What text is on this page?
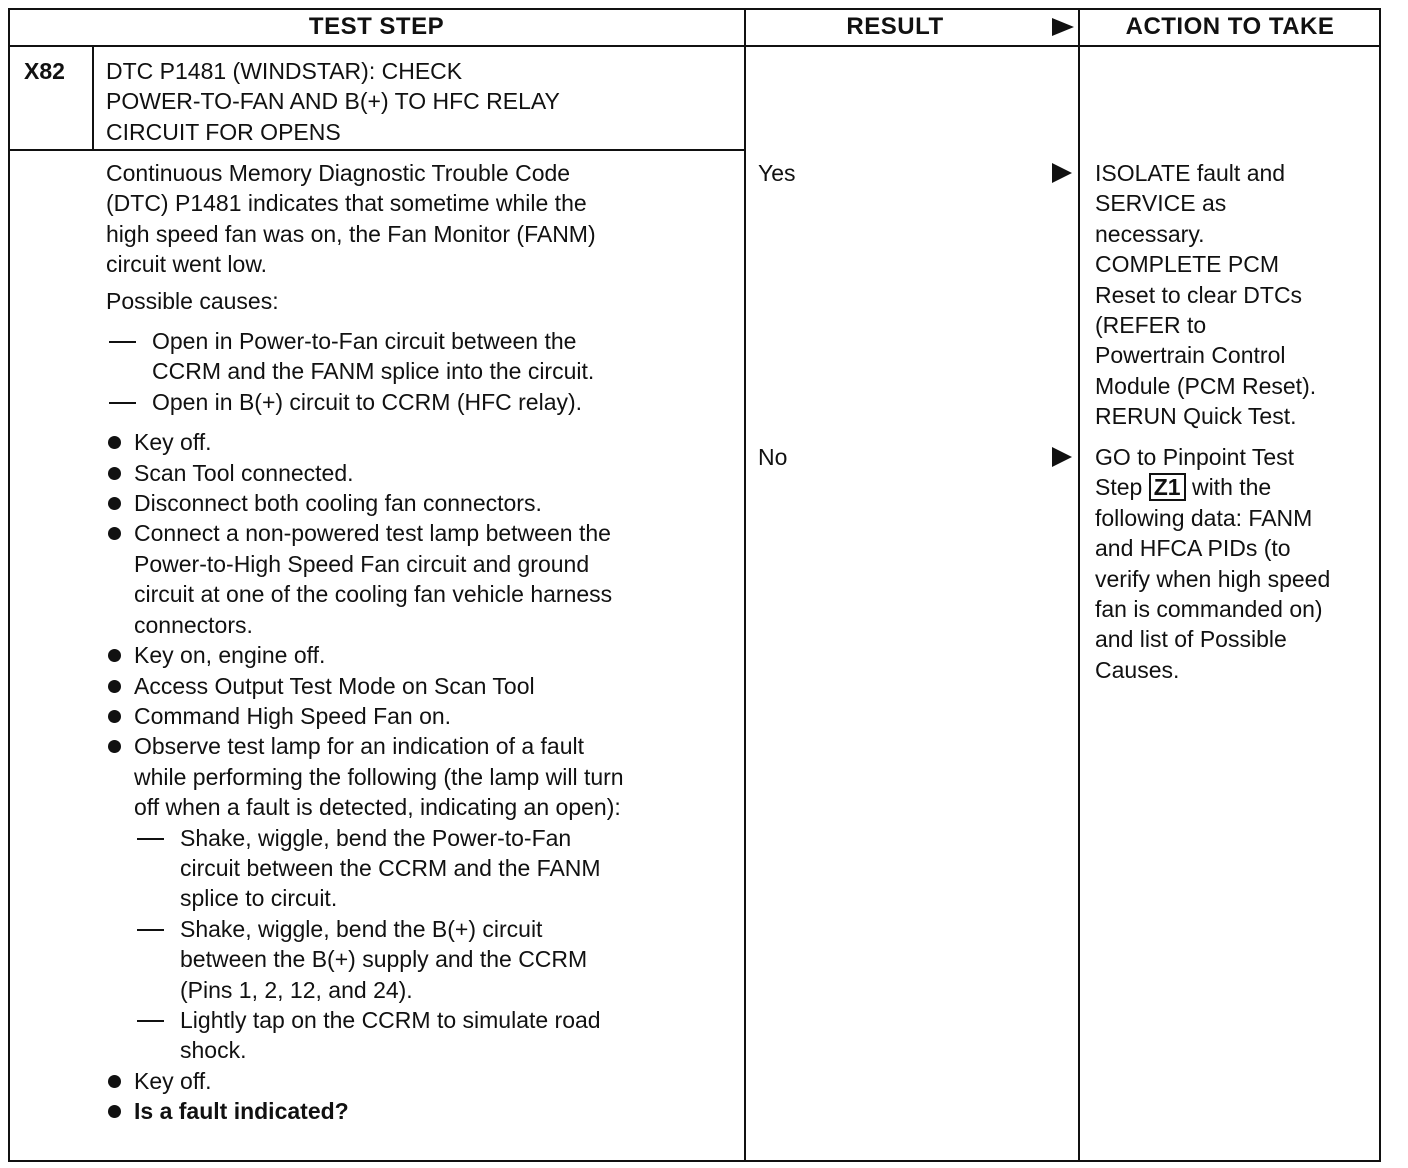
TEST STEP	RESULT	ACTION TO TAKE
X82 DTC P1481 (WINDSTAR): CHECK
POWER-TO-FAN AND B(+) TO HFC RELAY
CIRCUIT FOR OPENS
Continuous Memory Diagnostic Trouble Code
(DTC) P1481 indicates that sometime while the
high speed fan was on, the Fan Monitor (FANM)
circuit went low.
Possible causes:
Open in Power-to-Fan circuit between the
CCRM and the FANM splice into the circuit.
Open in B(+) circuit to CCRM (HFC relay).
Key off.
Scan Tool connected.
Disconnect both cooling fan connectors.
Connect a non-powered test lamp between the
Power-to-High Speed Fan circuit and ground
circuit at one of the cooling fan vehicle harness
connectors.
Key on, engine off.
Access Output Test Mode on Scan Tool
Command High Speed Fan on.
Observe test lamp for an indication of a fault
while performing the following (the lamp will turn
off when a fault is detected, indicating an open):
Shake, wiggle, bend the Power-to-Fan
circuit between the CCRM and the FANM
splice to circuit.
Shake, wiggle, bend the B(+) circuit
between the B(+) supply and the CCRM
(Pins 1, 2, 12, and 24).
Lightly tap on the CCRM to simulate road
shock.
Key off.
Is a fault indicated?
Yes	ISOLATE fault and
SERVICE as
necessary.
COMPLETE PCM
Reset to clear DTCs
(REFER to
Powertrain Control
Module (PCM Reset).
RERUN Quick Test.
No	GO to Pinpoint Test
Step Z1 with the
following data: FANM
and HFCA PIDs (to
verify when high speed
fan is commanded on)
and list of Possible
Causes.
